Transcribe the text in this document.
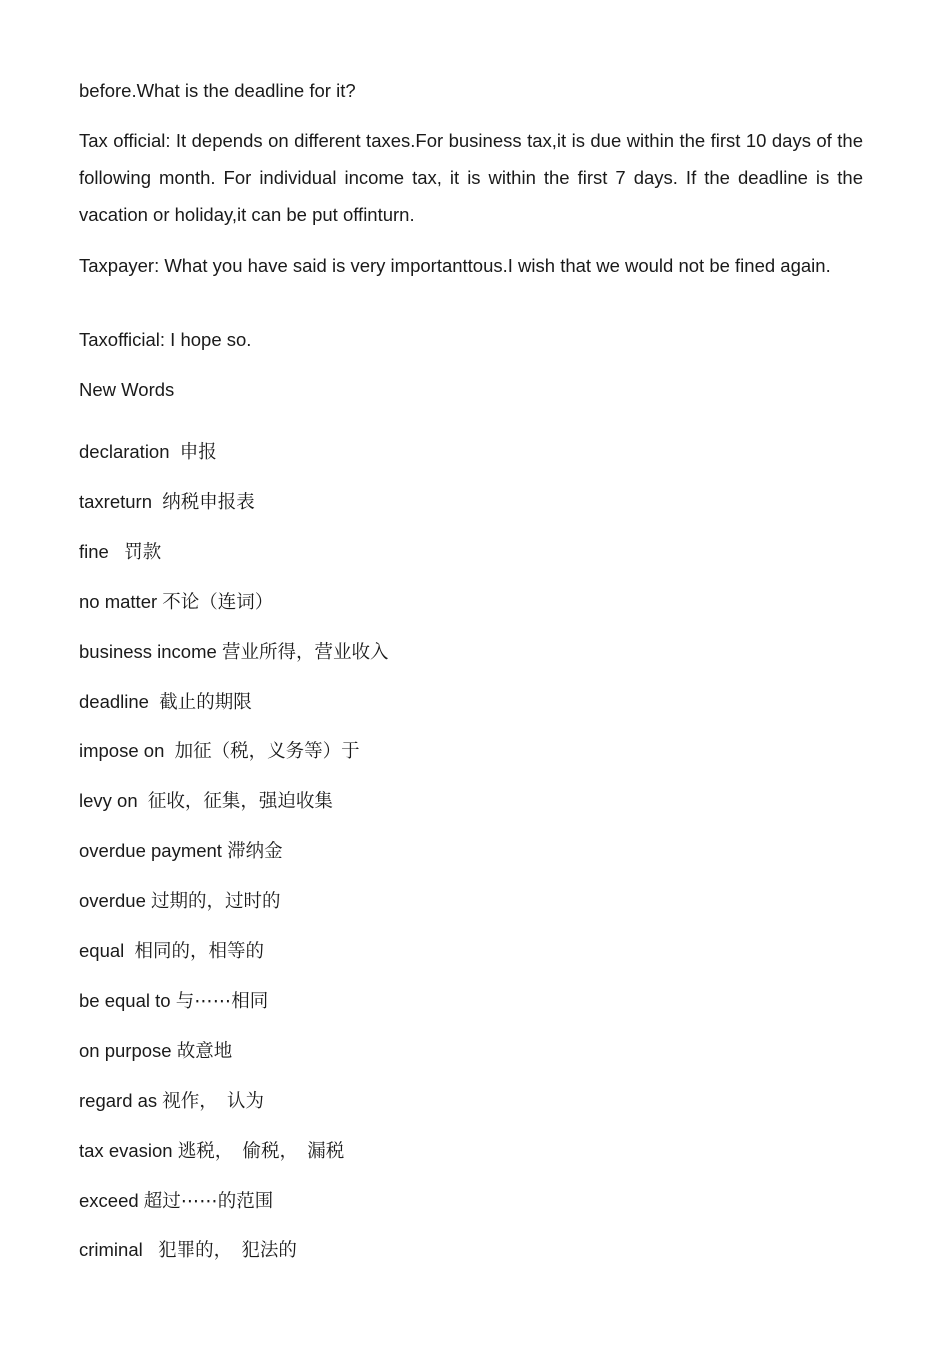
before.What is the deadline for it?

Tax official: It depends on different taxes.For business tax,it is due within the first 10 days of the following month. For individual income tax, it is within the first 7 days. If the deadline is the vacation or holiday,it can be put offinturn.

Taxpayer: What you have said is very importanttous.I wish that we would not be fined again.

Taxofficial: I hope so.

New Words

declaration 申报
taxreturn 纳税申报表
fine 罚款
no matter 不论（连词）
business income 营业所得，营业收入
deadline 截止的期限
impose on 加征（税，义务等）于
levy on 征收，征集，强迫收集
overdue payment 滞纳金
overdue 过期的，过时的
equal 相同的，相等的
be equal to 与⋯⋯相同
on purpose 故意地
regard as 视作，　认为
tax evasion 逃税，　偷税，　漏税
exceed 超过⋯⋯的范围
criminal 犯罪的，　犯法的
